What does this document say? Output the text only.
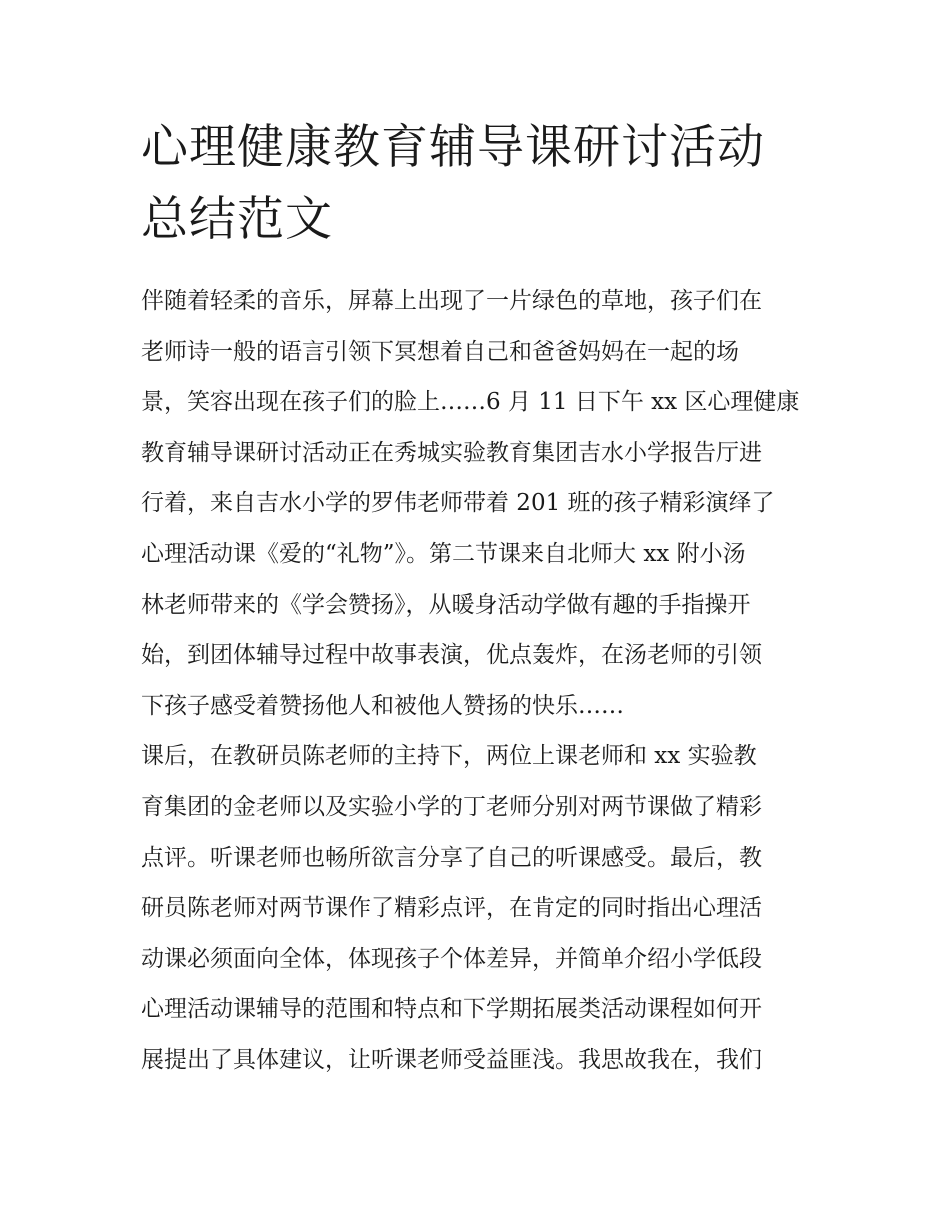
心理健康教育辅导课研讨活动
总结范文
伴随着轻柔的音乐，屏幕上出现了一片绿色的草地，孩子们在
老师诗一般的语言引领下冥想着自己和爸爸妈妈在一起的场
景，笑容出现在孩子们的脸上……6 月 11 日下午 xx 区心理健康
教育辅导课研讨活动正在秀城实验教育集团吉水小学报告厅进
行着，来自吉水小学的罗伟老师带着 201 班的孩子精彩演绎了
心理活动课《爱的“礼物”》。第二节课来自北师大 xx 附小汤
林老师带来的《学会赞扬》，从暖身活动学做有趣的手指操开
始，到团体辅导过程中故事表演，优点轰炸，在汤老师的引领
下孩子感受着赞扬他人和被他人赞扬的快乐……
课后，在教研员陈老师的主持下，两位上课老师和 xx 实验教
育集团的金老师以及实验小学的丁老师分别对两节课做了精彩
点评。听课老师也畅所欲言分享了自己的听课感受。最后，教
研员陈老师对两节课作了精彩点评，在肯定的同时指出心理活
动课必须面向全体，体现孩子个体差异，并简单介绍小学低段
心理活动课辅导的范围和特点和下学期拓展类活动课程如何开
展提出了具体建议，让听课老师受益匪浅。我思故我在，我们
